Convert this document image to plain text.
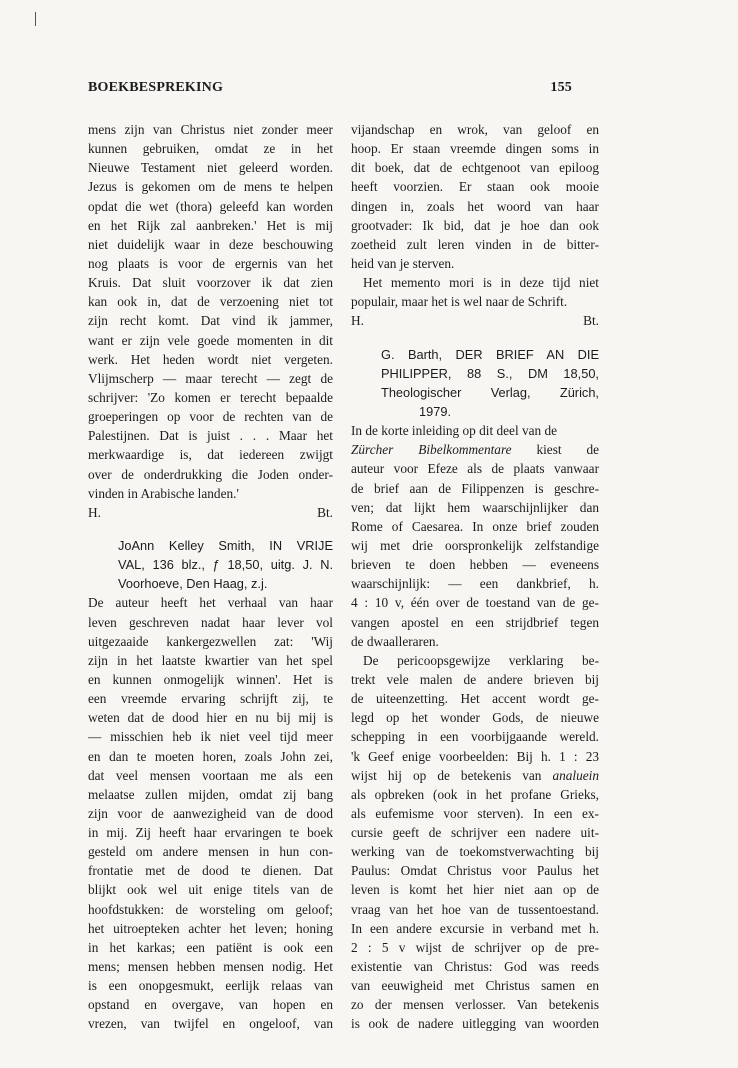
BOEKBESPREKING	155
mens zijn van Christus niet zonder meer
kunnen gebruiken, omdat ze in het
Nieuwe Testament niet geleerd worden.
Jezus is gekomen om de mens te helpen
opdat die wet (thora) geleefd kan worden
en het Rijk zal aanbreken.' Het is mij
niet duidelijk waar in deze beschouwing
nog plaats is voor de ergernis van het
Kruis. Dat sluit voorzover ik dat zien
kan ook in, dat de verzoening niet tot
zijn recht komt. Dat vind ik jammer,
want er zijn vele goede momenten in dit
werk. Het heden wordt niet vergeten.
Vlijmscherp — maar terecht — zegt de
schrijver: 'Zo komen er terecht bepaalde
groeperingen op voor de rechten van de
Palestijnen. Dat is juist . . . Maar het
merkwaardige is, dat iedereen zwijgt
over de onderdrukking die Joden onder-
vinden in Arabische landen.'
H.	Bt.
JoAnn Kelley Smith, IN VRIJE
VAL, 136 blz., ƒ 18,50, uitg. J. N.
Voorhoeve, Den Haag, z.j.
De auteur heeft het verhaal van haar
leven geschreven nadat haar lever vol
uitgezaaide kankergezwellen zat: 'Wij
zijn in het laatste kwartier van het spel
en kunnen onmogelijk winnen'. Het is
een vreemde ervaring schrijft zij, te
weten dat de dood hier en nu bij mij is
— misschien heb ik niet veel tijd meer
en dan te moeten horen, zoals John zei,
dat veel mensen voortaan me als een
melaatse zullen mijden, omdat zij bang
zijn voor de aanwezigheid van de dood
in mij. Zij heeft haar ervaringen te boek
gesteld om andere mensen in hun con-
frontatie met de dood te dienen. Dat
blijkt ook wel uit enige titels van de
hoofdstukken: de worsteling om geloof;
het uitroepteken achter het leven; honing
in het karkas; een patiënt is ook een
mens; mensen hebben mensen nodig. Het
is een onopgesmukt, eerlijk relaas van
opstand en overgave, van hopen en
vrezen, van twijfel en ongeloof, van
vijandschap en wrok, van geloof en
hoop. Er staan vreemde dingen soms in
dit boek, dat de echtgenoot van epiloog
heeft voorzien. Er staan ook mooie
dingen in, zoals het woord van haar
grootvader: Ik bid, dat je hoe dan ook
zoetheid zult leren vinden in de bitter-
heid van je sterven.
Het memento mori is in deze tijd niet
populair, maar het is wel naar de Schrift.
H.	Bt.
G. Barth, DER BRIEF AN DIE
PHILIPPER, 88 S., DM 18,50,
Theologischer Verlag, Zürich,
1979.
In de korte inleiding op dit deel van de
Zürcher Bibelkommentare kiest de
auteur voor Efeze als de plaats vanwaar
de brief aan de Filippenzen is geschre-
ven; dat lijkt hem waarschijnlijker dan
Rome of Caesarea. In onze brief zouden
wij met drie oorspronkelijk zelfstandige
brieven te doen hebben — eveneens
waarschijnlijk: — een dankbrief, h.
4 : 10 v, één over de toestand van de ge-
vangen apostel en een strijdbrief tegen
de dwaalleraren.
De pericoopsgewijze verklaring be-
trekt vele malen de andere brieven bij
de uiteenzetting. Het accent wordt ge-
legd op het wonder Gods, de nieuwe
schepping in een voorbijgaande wereld.
'k Geef enige voorbeelden: Bij h. 1 : 23
wijst hij op de betekenis van analuein
als opbreken (ook in het profane Grieks,
als eufemisme voor sterven). In een ex-
cursie geeft de schrijver een nadere uit-
werking van de toekomstverwachting bij
Paulus: Omdat Christus voor Paulus het
leven is komt het hier niet aan op de
vraag van het hoe van de tussentoestand.
In een andere excursie in verband met h.
2 : 5 v wijst de schrijver op de pre-
existentie van Christus: God was reeds
van eeuwigheid met Christus samen en
zo der mensen verlosser. Van betekenis
is ook de nadere uitlegging van woorden
